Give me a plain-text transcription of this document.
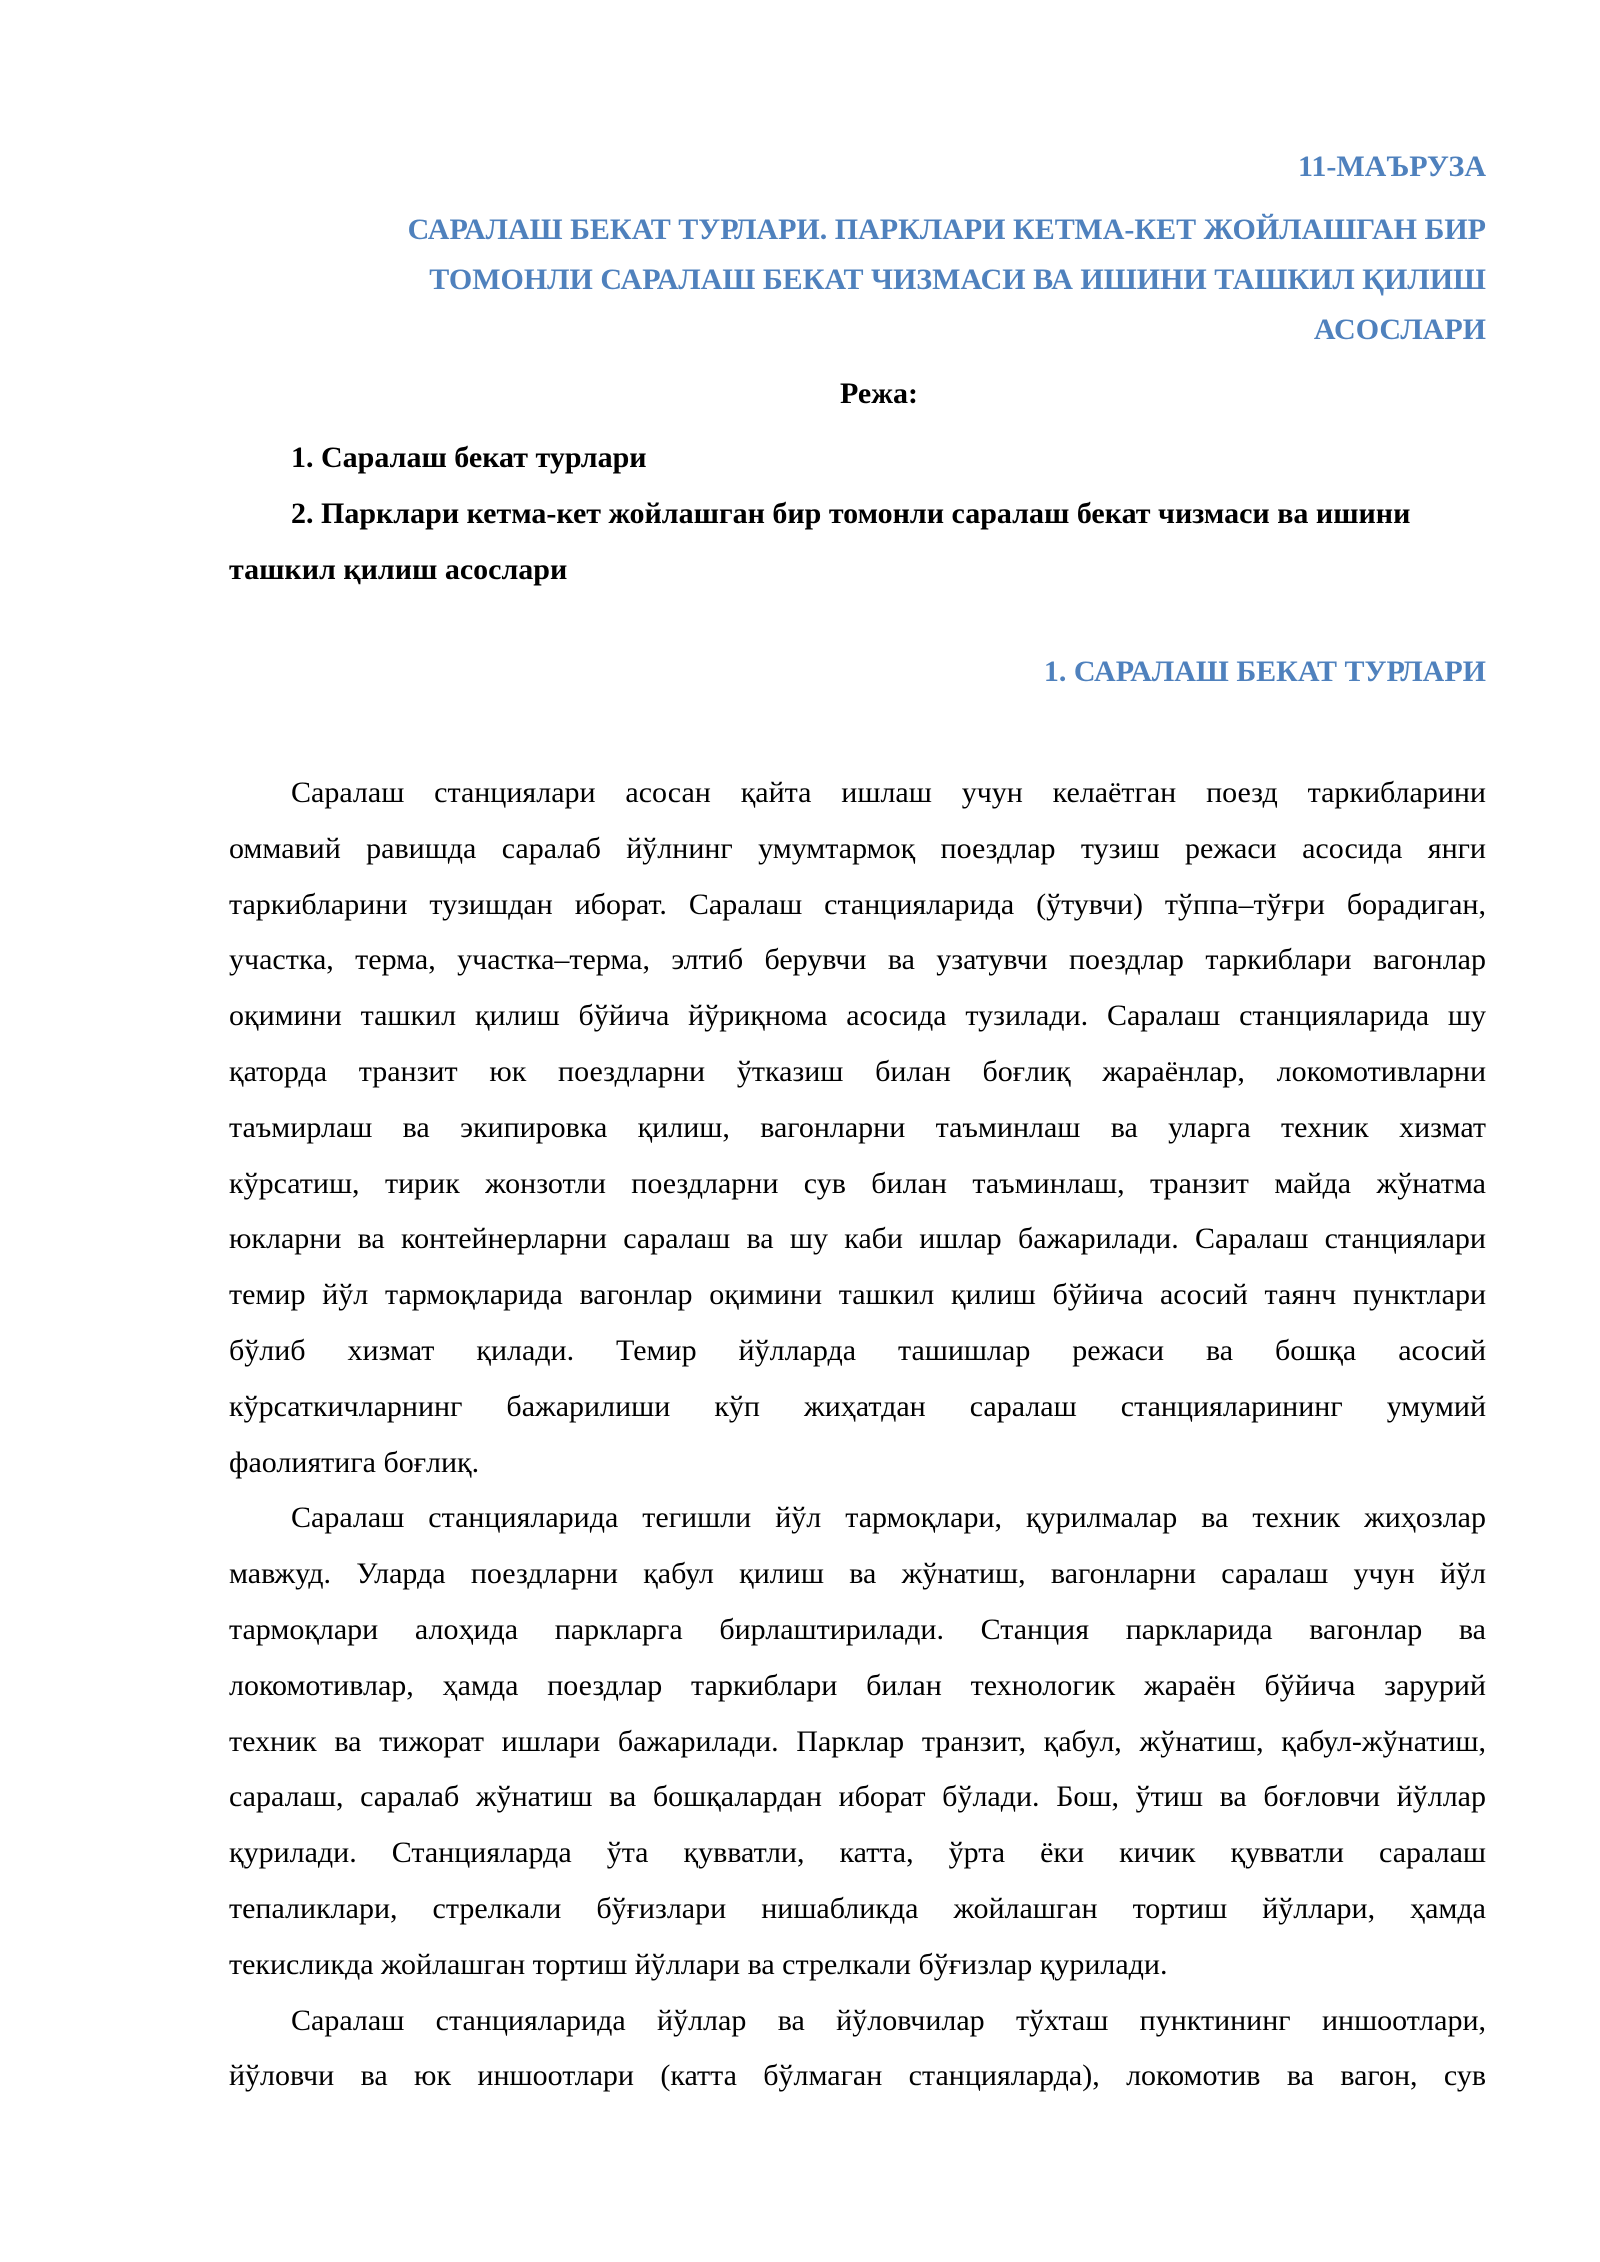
11-МАЪРУЗА
САРАЛАШ БЕКАТ ТУРЛАРИ. ПАРКЛАРИ КЕТМА-КЕТ ЖОЙЛАШГАН БИР
ТОМОНЛИ САРАЛАШ БЕКАТ ЧИЗМАСИ ВА ИШИНИ ТАШКИЛ ҚИЛИШ
АСОСЛАРИ
Режа:
1. Саралаш бекат турлари
2. Парклари кетма-кет жойлашган бир томонли саралаш бекат чизмаси ва ишини
ташкил қилиш асослари
1. САРАЛАШ БЕКАТ ТУРЛАРИ
Саралаш станциялари асосан қайта ишлаш учун келаётган поезд таркибларини
оммавий равишда саралаб йўлнинг умумтармоқ поездлар тузиш режаси асосида янги
таркибларини тузишдан иборат. Саралаш станцияларида (ўтувчи) тўппа–тўғри борадиган,
участка, терма, участка–терма, элтиб берувчи ва узатувчи поездлар таркиблари вагонлар
оқимини ташкил қилиш бўйича йўриқнома асосида тузилади. Саралаш станцияларида шу
қаторда транзит юк поездларни ўтказиш билан боғлиқ жараёнлар, локомотивларни
таъмирлаш ва экипировка қилиш, вагонларни таъминлаш ва уларга техник хизмат
кўрсатиш, тирик жонзотли поездларни сув билан таъминлаш, транзит майда жўнатма
юкларни ва контейнерларни саралаш ва шу каби ишлар бажарилади. Саралаш станциялари
темир йўл тармоқларида вагонлар оқимини ташкил қилиш бўйича асосий таянч пунктлари
бўлиб хизмат қилади. Темир йўлларда ташишлар режаси ва бошқа асосий
кўрсаткичларнинг бажарилиши кўп жиҳатдан саралаш станцияларининг умумий
фаолиятига боғлиқ.
Саралаш станцияларида тегишли йўл тармоқлари, қурилмалар ва техник жиҳозлар
мавжуд. Уларда поездларни қабул қилиш ва жўнатиш, вагонларни саралаш учун йўл
тармоқлари алоҳида паркларга бирлаштирилади. Станция паркларида вагонлар ва
локомотивлар, ҳамда поездлар таркиблари билан технологик жараён бўйича зарурий
техник ва тижорат ишлари бажарилади. Парклар транзит, қабул, жўнатиш, қабул-жўнатиш,
саралаш, саралаб жўнатиш ва бошқалардан иборат бўлади. Бош, ўтиш ва боғловчи йўллар
қурилади. Станцияларда ўта қувватли, катта, ўрта ёки кичик қувватли саралаш
тепаликлари, стрелкали бўғизлари нишабликда жойлашган тортиш йўллари, ҳамда
текисликда жойлашган тортиш йўллари ва стрелкали бўғизлар қурилади.
Саралаш станцияларида йўллар ва йўловчилар тўхташ пунктининг иншоотлари,
йўловчи ва юк иншоотлари (катта бўлмаган станцияларда), локомотив ва вагон, сув
